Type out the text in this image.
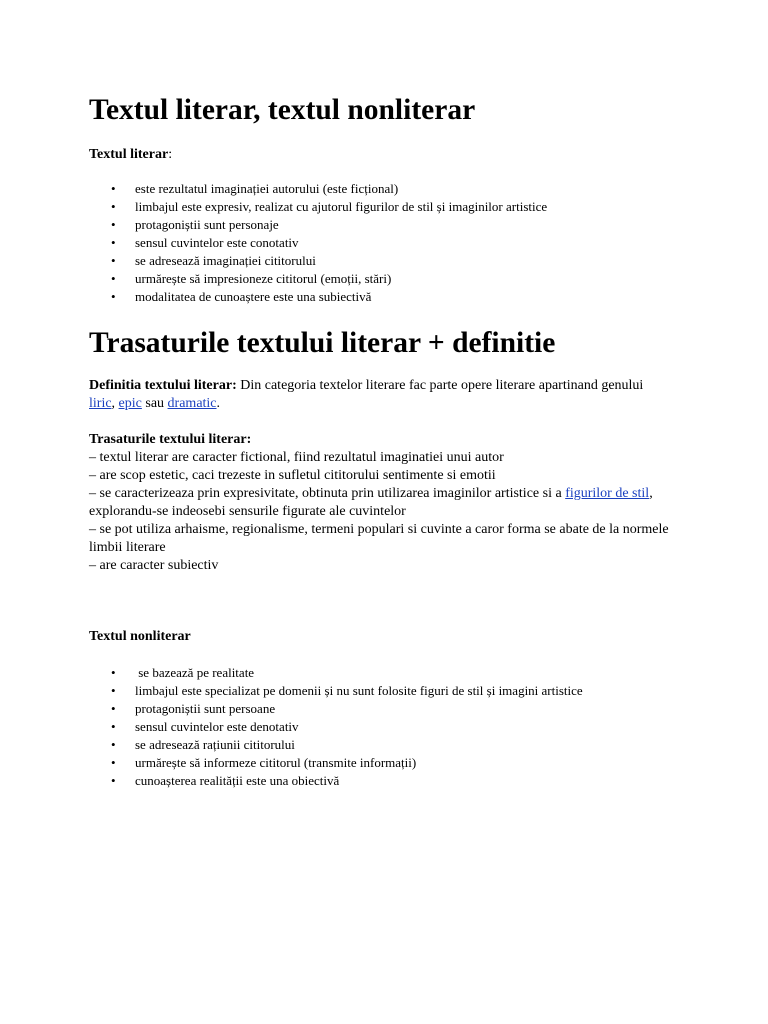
Textul literar, textul nonliterar

Textul literar:

• este rezultatul imaginației autorului (este ficțional)
• limbajul este expresiv, realizat cu ajutorul figurilor de stil și imaginilor artistice
• protagoniștii sunt personaje
• sensul cuvintelor este conotativ
• se adresează imaginației cititorului
• urmărește să impresioneze cititorul (emoții, stări)
• modalitatea de cunoaștere este una subiectivă
Trasaturile textului literar + definitie

Definitia textului literar: Din categoria textelor literare fac parte opere literare apartinand genului liric, epic sau dramatic.

Trasaturile textului literar:
– textul literar are caracter fictional, fiind rezultatul imaginatiei unui autor
– are scop estetic, caci trezeste in sufletul cititorului sentimente si emotii
– se caracterizeaza prin expresivitate, obtinuta prin utilizarea imaginilor artistice si a figurilor de stil, explorandu-se indeosebi sensurile figurate ale cuvintelor
– se pot utiliza arhaisme, regionalisme, termeni populari si cuvinte a caror forma se abate de la normele limbii literare
– are caracter subiectiv

Textul nonliterar

• se bazează pe realitate
• limbajul este specializat pe domenii și nu sunt folosite figuri de stil și imagini artistice
• protagoniștii sunt persoane
• sensul cuvintelor este denotativ
• se adresează rațiunii cititorului
• urmărește să informeze cititorul (transmite informații)
• cunoașterea realității este una obiectivă
